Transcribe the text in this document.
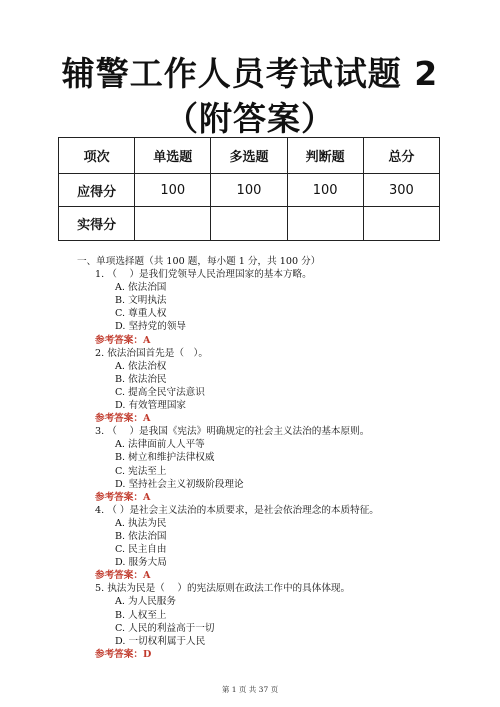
辅警工作人员考试试题 2
（附答案）
项次	单选题	多选题	判断题	总分
应得分	100	100	100	300
实得分				
一、单项选择题（共 100 题，每小题 1 分，共 100 分）
1. （　 ）是我们党领导人民治理国家的基本方略。
A. 依法治国
B. 文明执法
C. 尊重人权
D. 坚持党的领导
参考答案：A
2. 依法治国首先是（　）。
A. 依法治权
B. 依法治民
C. 提高全民守法意识
D. 有效管理国家
参考答案：A
3. （　 ）是我国《宪法》明确规定的社会主义法治的基本原则。
A. 法律面前人人平等
B. 树立和维护法律权威
C. 宪法至上
D. 坚持社会主义初级阶段理论
参考答案：A
4. （ ）是社会主义法治的本质要求，是社会依治理念的本质特征。
A. 执法为民
B. 依法治国
C. 民主自由
D. 服务大局
参考答案：A
5. 执法为民是（　 ）的宪法原则在政法工作中的具体体现。
A. 为人民服务
B. 人权至上
C. 人民的利益高于一切
D. 一切权利属于人民
参考答案：D
第 1 页 共 37 页
